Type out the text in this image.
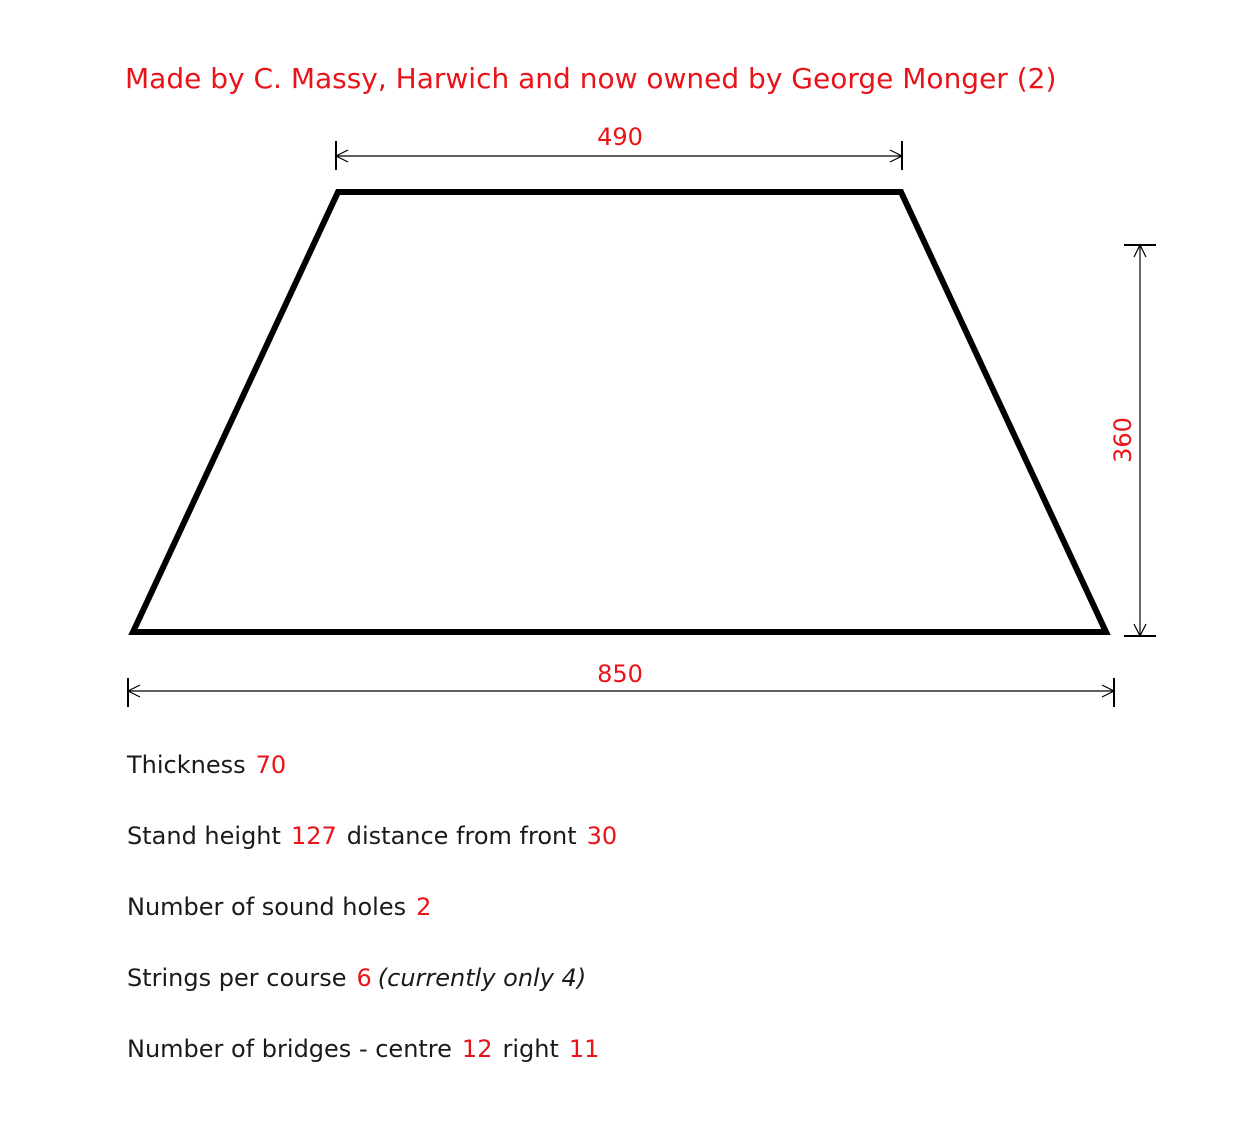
Made by C. Massy, Harwich and now owned by George Monger (2)
490
850
360
Thickness 70
Stand height 127 distance from front 30
Number of sound holes 2
Strings per course 6 (currently only 4)
Number of bridges - centre 12 right 11
